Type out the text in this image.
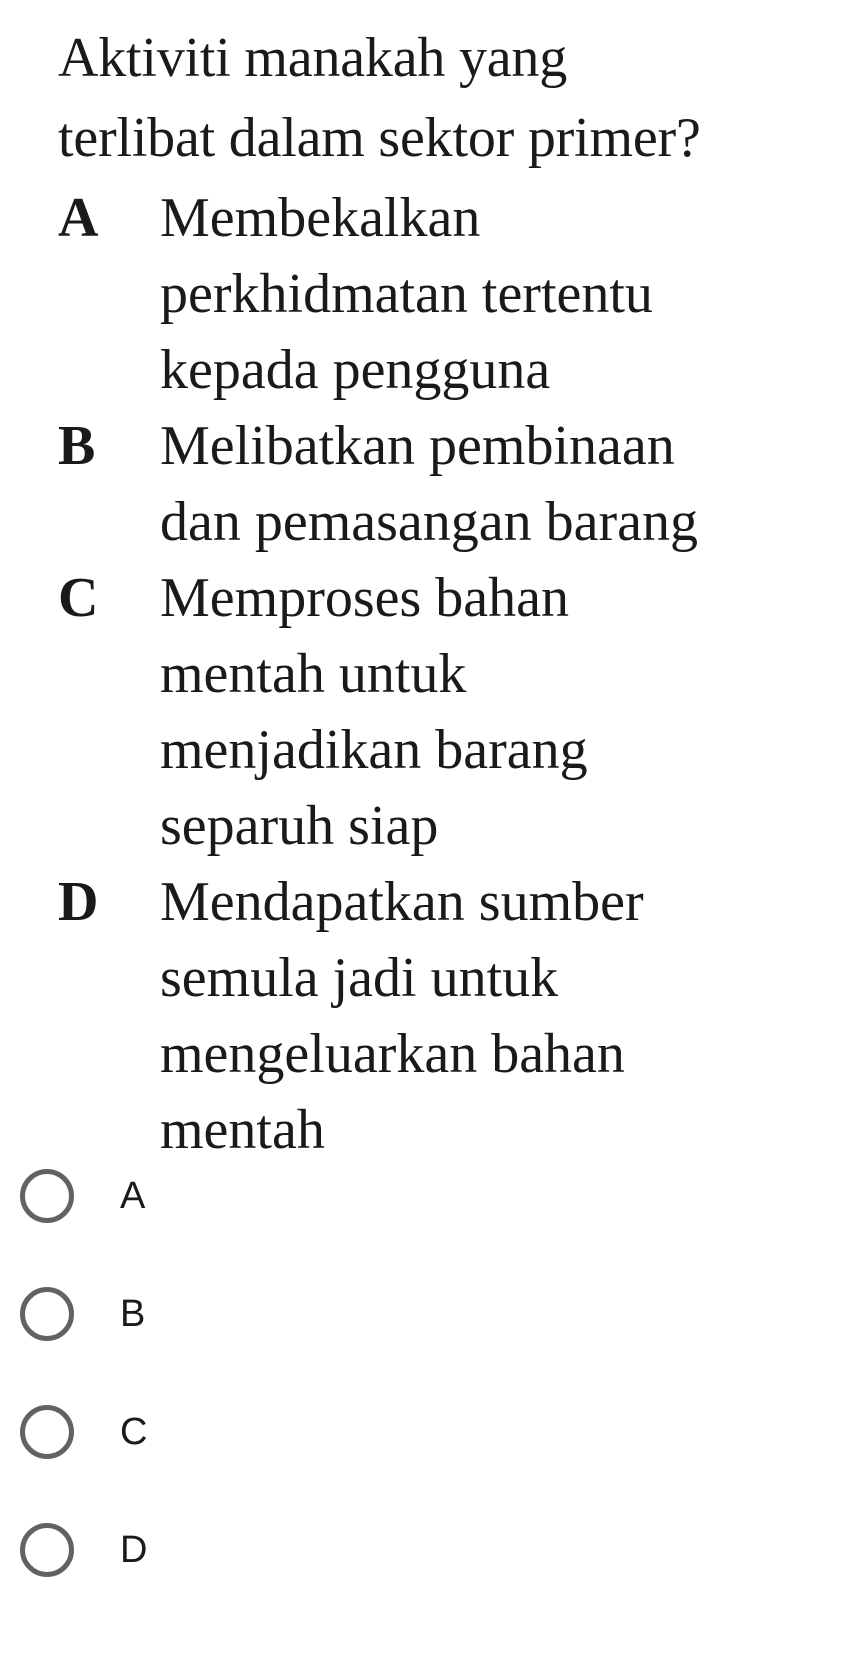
Aktiviti manakah yang
terlibat dalam sektor primer?
A	Membekalkan
perkhidmatan tertentu
kepada pengguna
B	Melibatkan pembinaan
dan pemasangan barang
C	Memproses bahan
mentah untuk
menjadikan barang
separuh siap
D	Mendapatkan sumber
semula jadi untuk
mengeluarkan bahan
mentah
A
B
C
D
